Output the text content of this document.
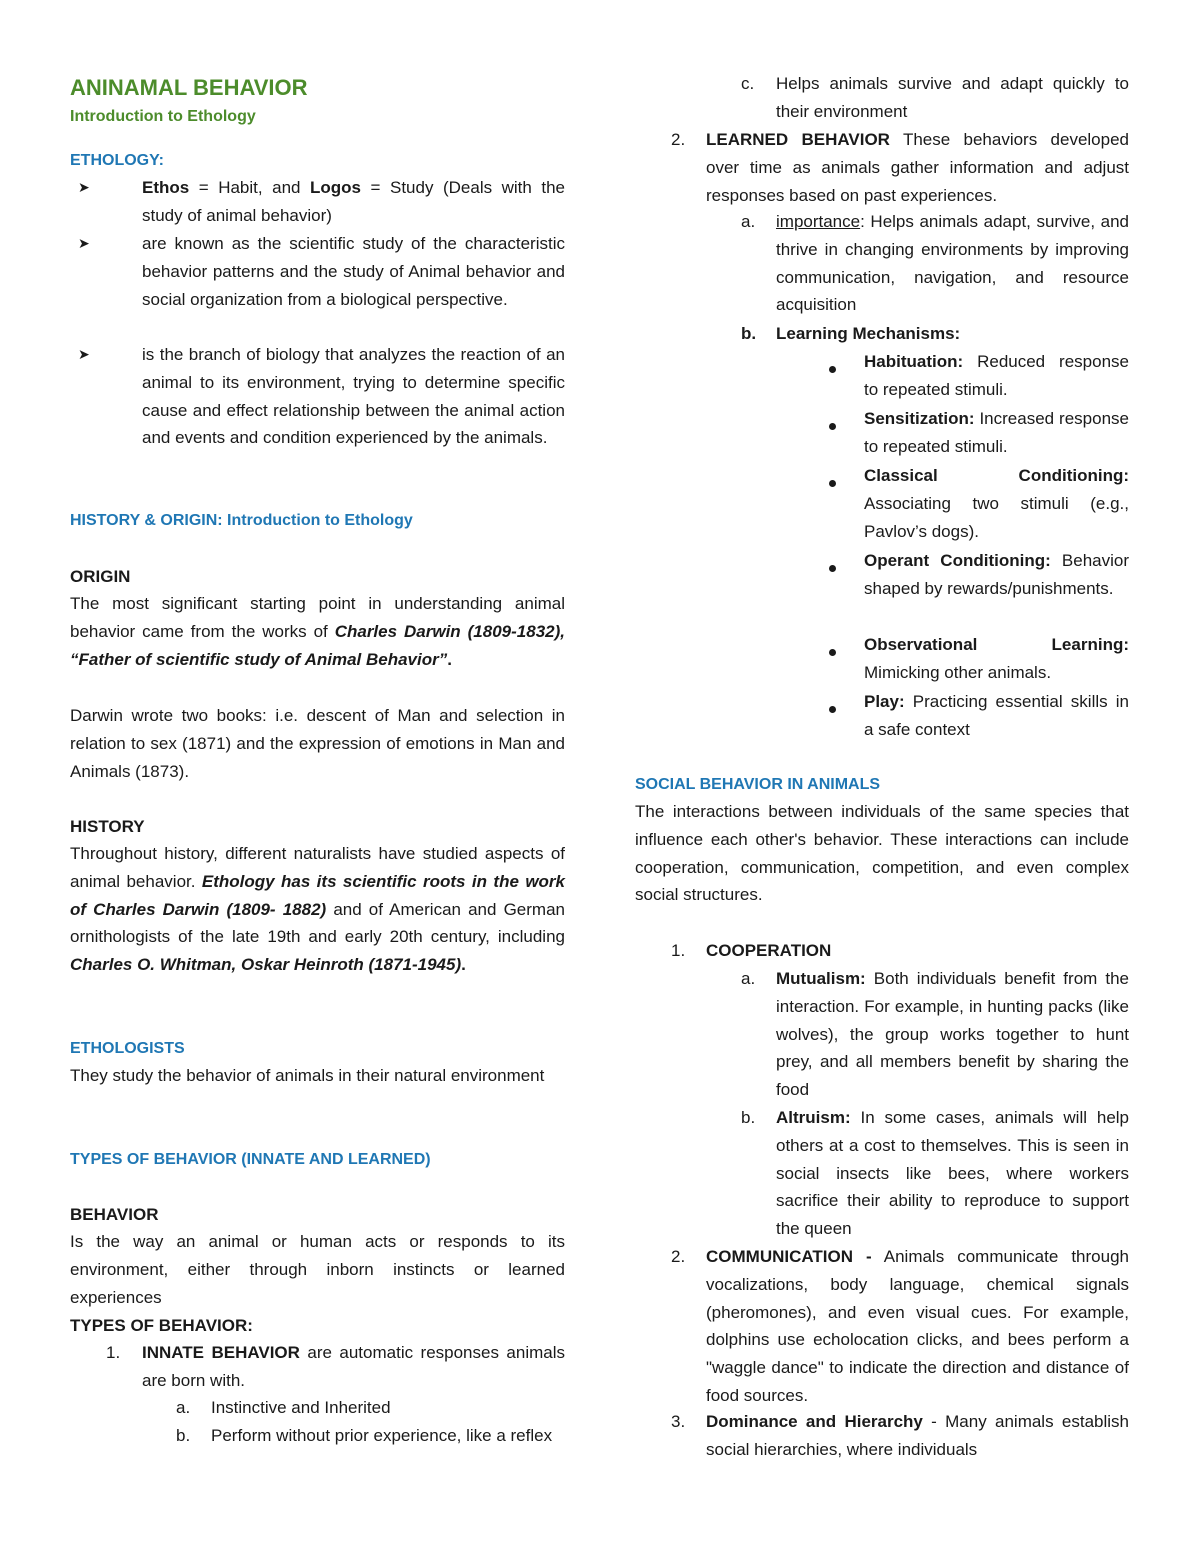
ANINAMAL BEHAVIOR
Introduction to Ethology

ETHOLOGY:

➤	Ethos = Habit, and Logos = Study (Deals with the study of animal behavior)

➤	are known as the scientific study of the characteristic behavior patterns and the study of Animal behavior and social organization from a biological perspective.

➤	is the branch of biology that analyzes the reaction of an animal to its environment, trying to determine specific cause and effect relationship between the animal action and events and condition experienced by the animals.

HISTORY & ORIGIN: Introduction to Ethology

ORIGIN

The most significant starting point in understanding animal behavior came from the works of Charles Darwin (1809-1832), “Father of scientific study of Animal Behavior”.

Darwin wrote two books: i.e. descent of Man and selection in relation to sex (1871) and the expression of emotions in Man and Animals (1873).

HISTORY

Throughout history, different naturalists have studied aspects of animal behavior. Ethology has its scientific roots in the work of Charles Darwin (1809- 1882) and of American and German ornithologists of the late 19th and early 20th century, including Charles O. Whitman, Oskar Heinroth (1871-1945).

ETHOLOGISTS

They study the behavior of animals in their natural environment

TYPES OF BEHAVIOR (INNATE AND LEARNED)

BEHAVIOR

Is the way an animal or human acts or responds to its environment, either through inborn instincts or learned experiences

TYPES OF BEHAVIOR:

1.	INNATE BEHAVIOR are automatic responses animals are born with.

a.	Instinctive and Inherited

b.	Perform without prior experience, like a reflex

c.	Helps animals survive and adapt quickly to their environment

2.	LEARNED BEHAVIOR These behaviors developed over time as animals gather information and adjust responses based on past experiences.

a.	importance: Helps animals adapt, survive, and thrive in changing environments by improving communication, navigation, and resource acquisition

b.	Learning Mechanisms:

Habituation: Reduced response to repeated stimuli.

Sensitization: Increased response to repeated stimuli.

Classical Conditioning: Associating two stimuli (e.g., Pavlov’s dogs).

Operant Conditioning: Behavior shaped by rewards/punishments.

Observational Learning: Mimicking other animals.

Play: Practicing essential skills in a safe context

SOCIAL BEHAVIOR IN ANIMALS

The interactions between individuals of the same species that influence each other's behavior. These interactions can include cooperation, communication, competition, and even complex social structures.

1.	COOPERATION

a.	Mutualism: Both individuals benefit from the interaction. For example, in hunting packs (like wolves), the group works together to hunt prey, and all members benefit by sharing the food

b.	Altruism: In some cases, animals will help others at a cost to themselves. This is seen in social insects like bees, where workers sacrifice their ability to reproduce to support the queen

2.	COMMUNICATION - Animals communicate through vocalizations, body language, chemical signals (pheromones), and even visual cues. For example, dolphins use echolocation clicks, and bees perform a "waggle dance" to indicate the direction and distance of food sources.

3.	Dominance and Hierarchy - Many animals establish social hierarchies, where individuals
